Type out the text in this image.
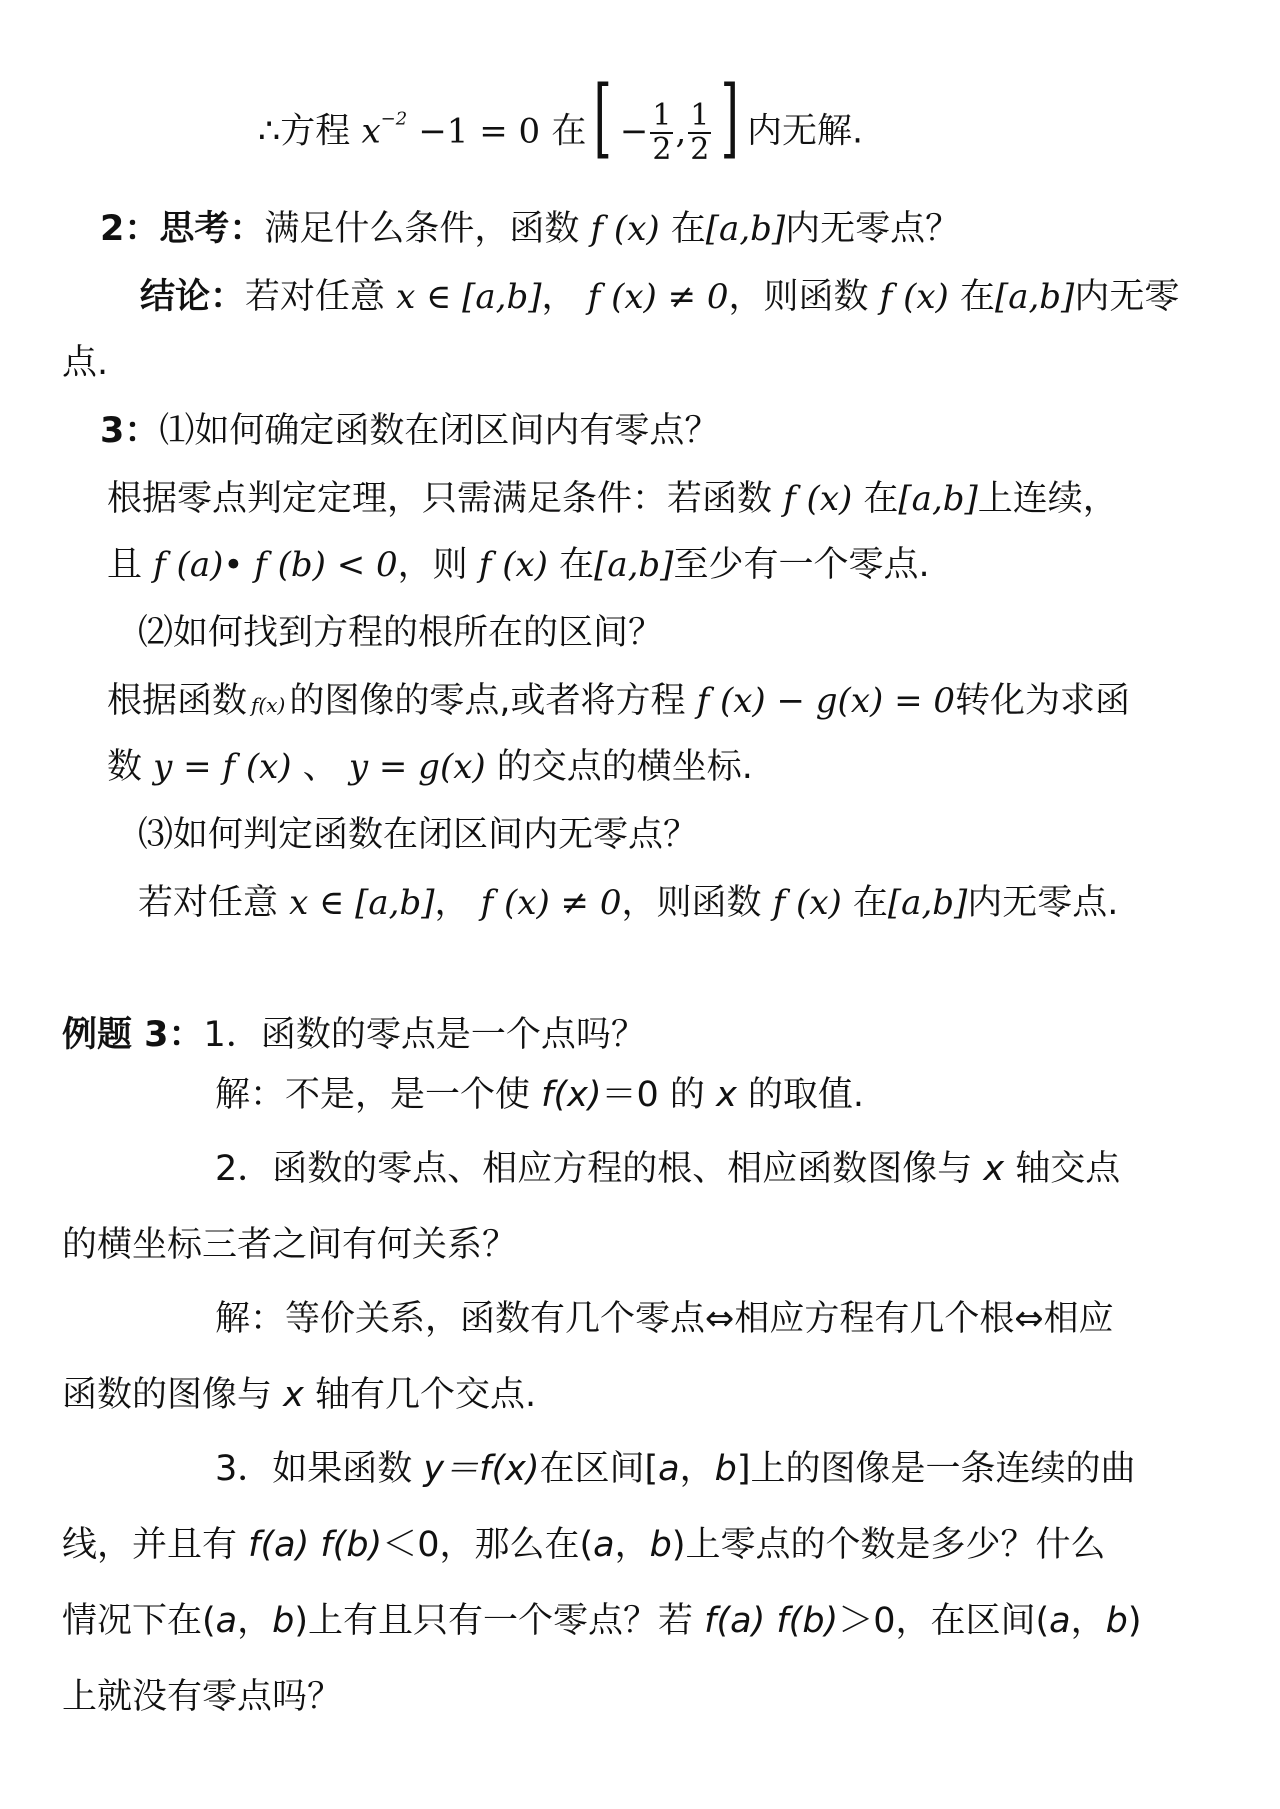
∴方程 $x^{-2} -1 = 0$ 在[ − $\frac{1}{2}$ , $\frac{1}{2}$ ] 内无解.
2：思考：满足什么条件，函数 f (x) 在[a,b]内无零点？
结论：若对任意 x ∈ [a,b]， f (x) ≠ 0，则函数 f (x) 在[a,b]内无零
点.
3：⑴如何确定函数在闭区间内有零点？
根据零点判定定理，只需满足条件：若函数 f (x) 在[a,b]上连续，
且 f (a)• f (b) < 0，则 f (x) 在[a,b]至少有一个零点.
⑵如何找到方程的根所在的区间？
根据函数 f(x) 的图像的零点,或者将方程 f (x) − g(x) = 0转化为求函
数 y = f (x) 、 y = g(x) 的交点的横坐标.
⑶如何判定函数在闭区间内无零点？
若对任意 x ∈ [a,b]， f (x) ≠ 0，则函数 f (x) 在[a,b]内无零点.
例题 3：1．函数的零点是一个点吗？
解：不是，是一个使 f(x)＝0 的 x 的取值.
2．函数的零点、相应方程的根、相应函数图像与 x 轴交点
的横坐标三者之间有何关系？
解：等价关系，函数有几个零点⇔相应方程有几个根⇔相应
函数的图像与 x 轴有几个交点.
3．如果函数 y＝f(x)在区间[a，b]上的图像是一条连续的曲
线，并且有 f(a) f(b)＜0，那么在(a，b)上零点的个数是多少？什么
情况下在(a，b)上有且只有一个零点？若 f(a) f(b)＞0，在区间(a，b)
上就没有零点吗？
